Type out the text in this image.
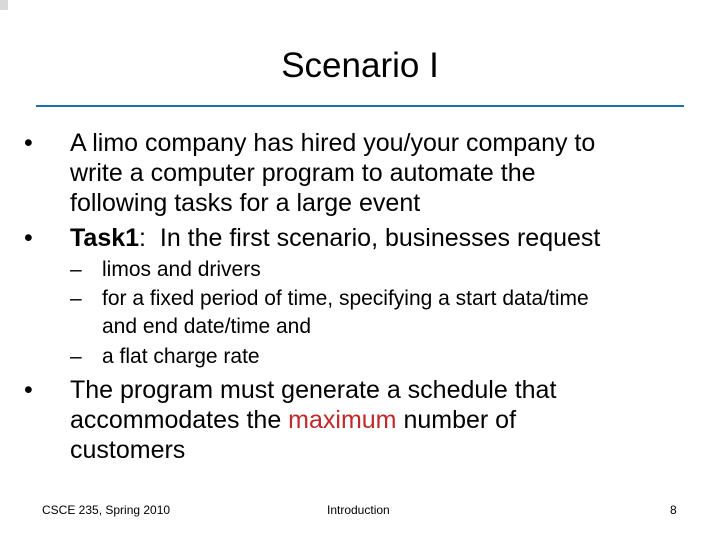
Scenario I
• A limo company has hired you/your company to
write a computer program to automate the
following tasks for a large event
• Task1:  In the first scenario, businesses request
– limos and drivers
– for a fixed period of time, specifying a start data/time
and end date/time and
– a flat charge rate
• The program must generate a schedule that
accommodates the maximum number of
customers
CSCE 235, Spring 2010	Introduction	8
